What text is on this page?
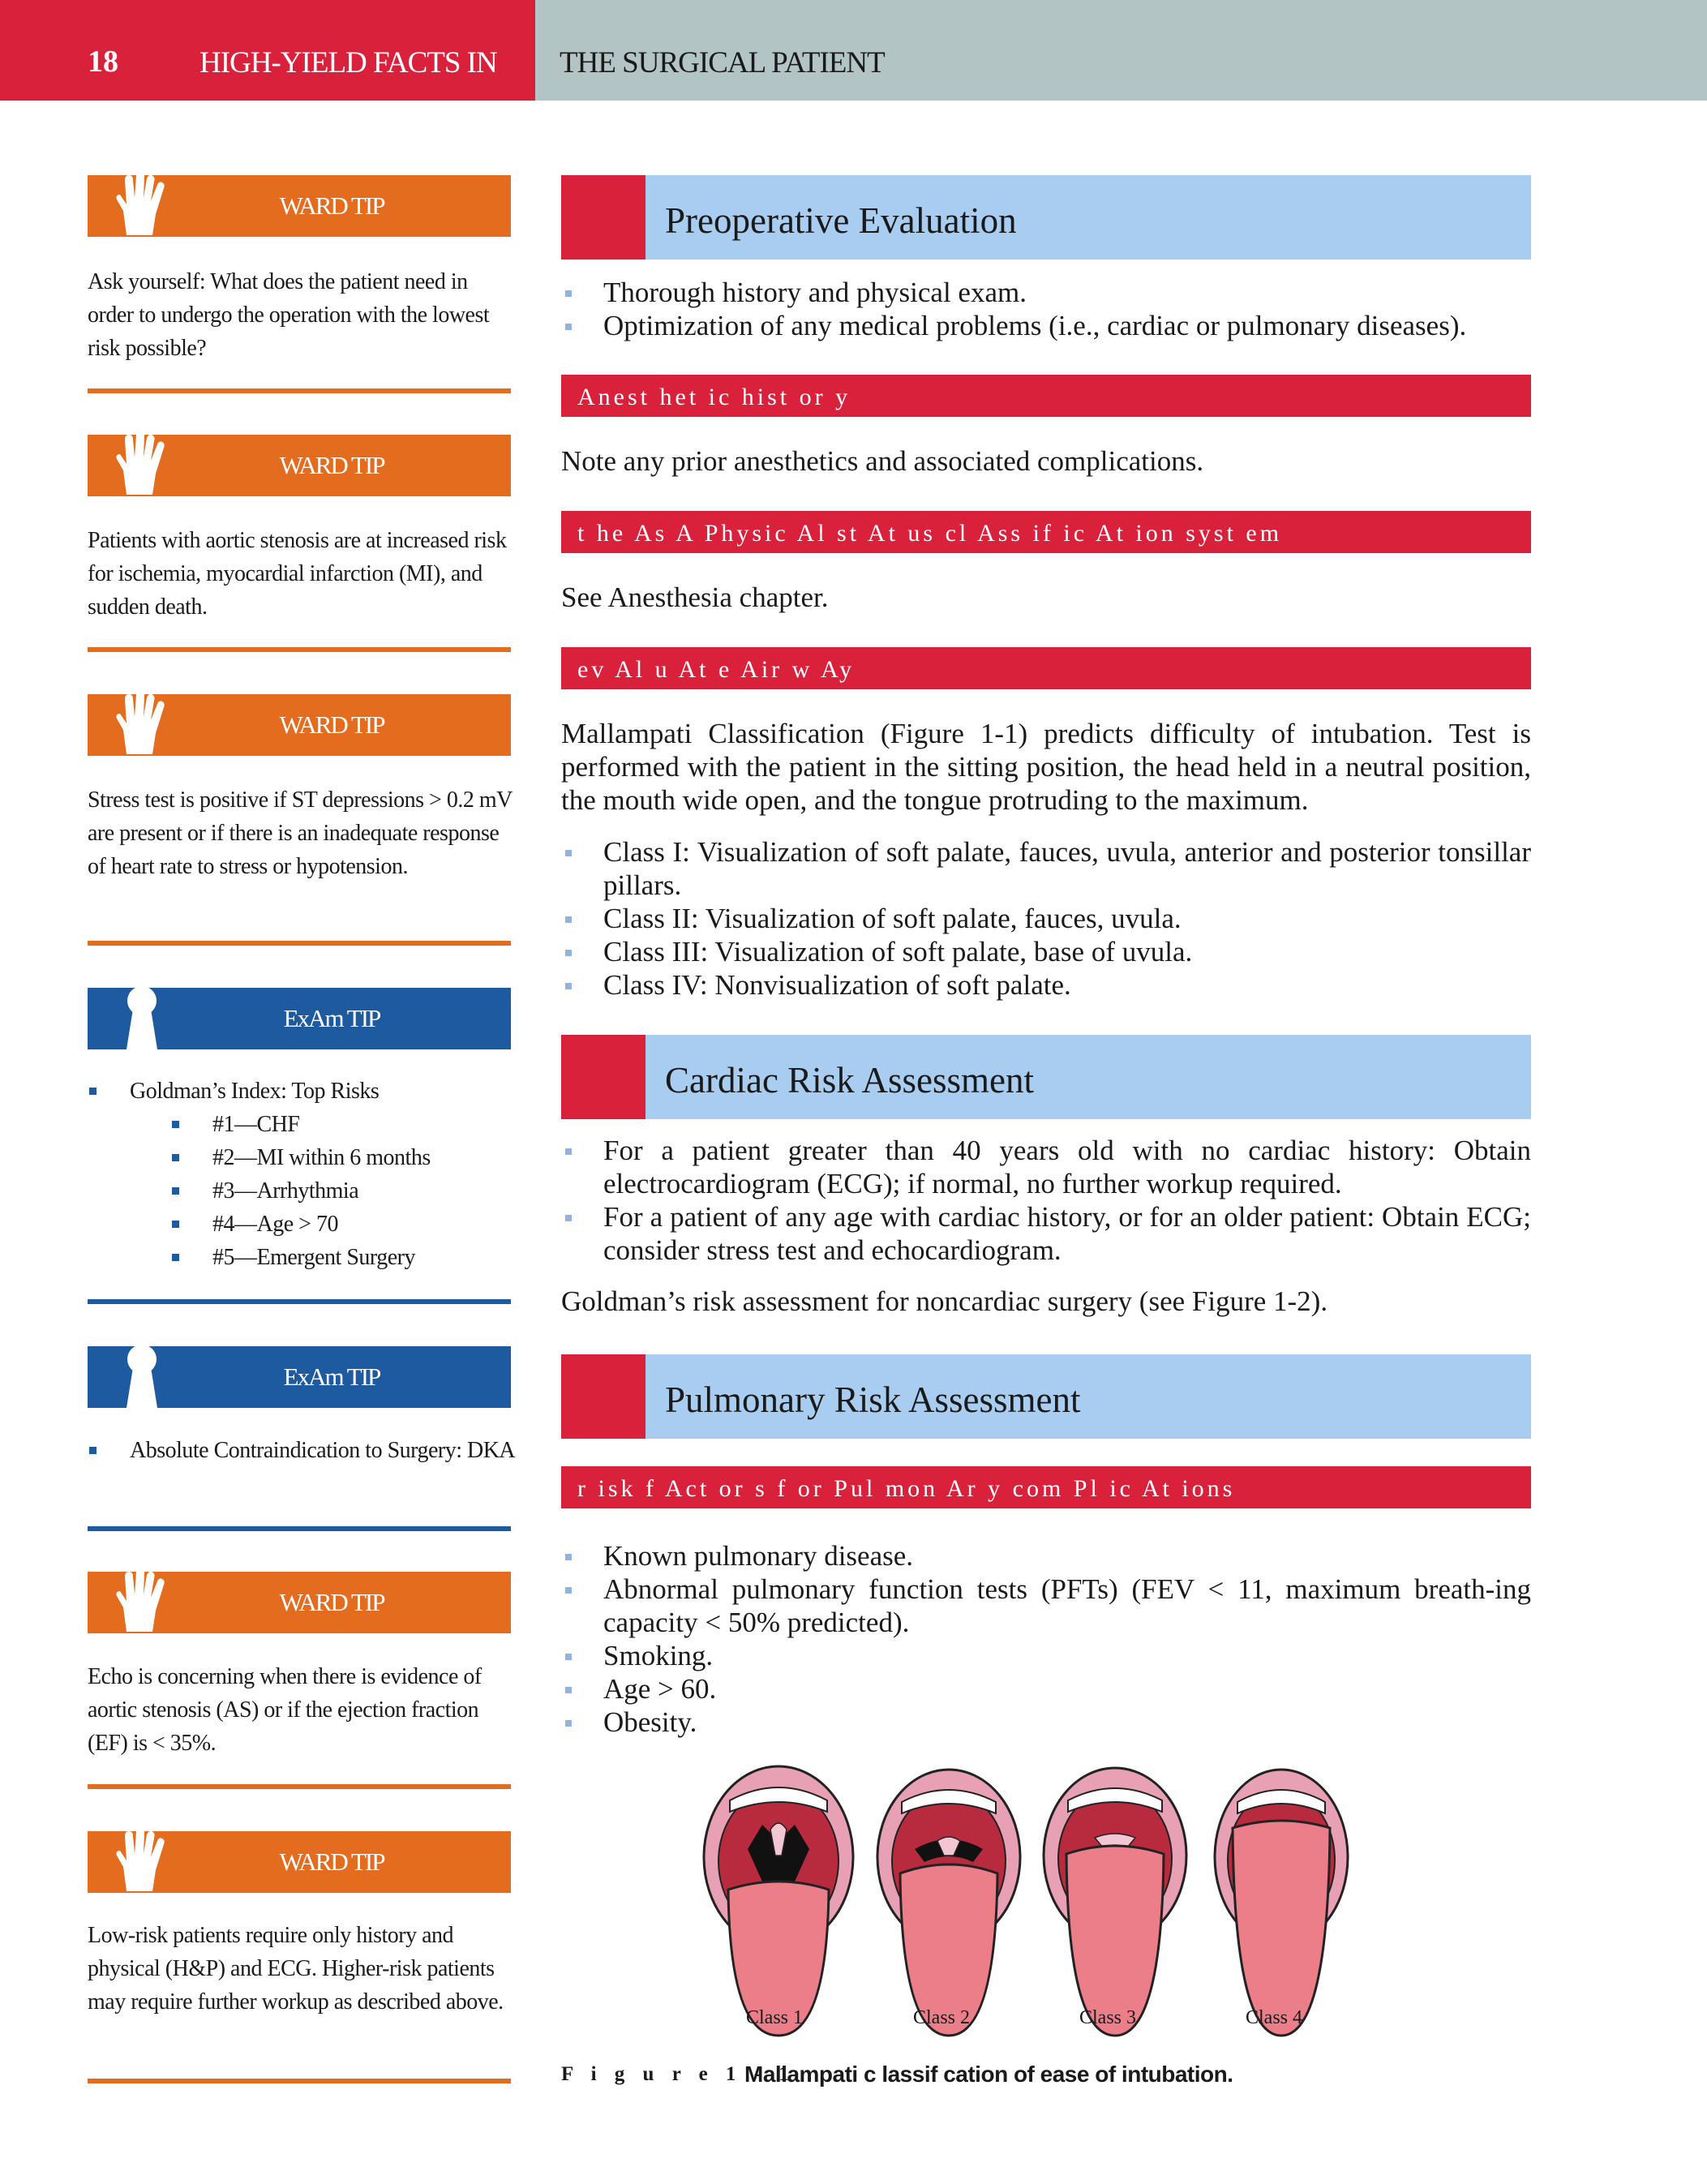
18	HIGH-YIELD FACTS IN THE SURGICAL PATIENT
WARD TIP
Ask yourself: What does the patient need in order to undergo the operation with the lowest risk possible?
WARD TIP
Patients with aortic stenosis are at increased risk for ischemia, myocardial infarction (MI), and sudden death.
WARD TIP
Stress test is positive if ST depressions > 0.2 mV are present or if there is an inadequate response of heart rate to stress or hypotension.
ExAm TIP
Goldman’s Index: Top Risks
#1—CHF
#2—MI within 6 months
#3—Arrhythmia
#4—Age > 70
#5—Emergent Surgery
ExAm TIP
Absolute Contraindication to Surgery: DKA
WARD TIP
Echo is concerning when there is evidence of aortic stenosis (AS) or if the ejection fraction (EF) is < 35%.
WARD TIP
Low-risk patients require only history and physical (H&P) and ECG. Higher-risk patients may require further workup as described above.
Preoperative Evaluation
Thorough history and physical exam.
Optimization of any medical problems (i.e., cardiac or pulmonary diseases).
Anest het ic hist or y
Note any prior anesthetics and associated complications.
t he As A Physic Al st At us cl Ass if ic At ion syst em
See Anesthesia chapter.
ev Al u At e Air w Ay
Mallampati Classification (Figure 1-1) predicts difficulty of intubation. Test is performed with the patient in the sitting position, the head held in a neutral position, the mouth wide open, and the tongue protruding to the maximum.
Class I: Visualization of soft palate, fauces, uvula, anterior and posterior tonsillar pillars.
Class II: Visualization of soft palate, fauces, uvula.
Class III: Visualization of soft palate, base of uvula.
Class IV: Nonvisualization of soft palate.
Cardiac Risk Assessment
For a patient greater than 40 years old with no cardiac history: Obtain electrocardiogram (ECG); if normal, no further workup required.
For a patient of any age with cardiac history, or for an older patient: Obtain ECG; consider stress test and echocardiogram.
Goldman’s risk assessment for noncardiac surgery (see Figure 1-2).
Pulmonary Risk Assessment
r isk f Act or s f or Pul mon Ar y com Pl ic At ions
Known pulmonary disease.
Abnormal pulmonary function tests (PFTs) (FEV < 11, maximum breath-ing capacity < 50% predicted).
Smoking.
Age > 60.
Obesity.
Class 1	Class 2	Class 3	Class 4
F i g u r e 1 - 1 .
Mallampati c lassif cation of ease of intubation.
